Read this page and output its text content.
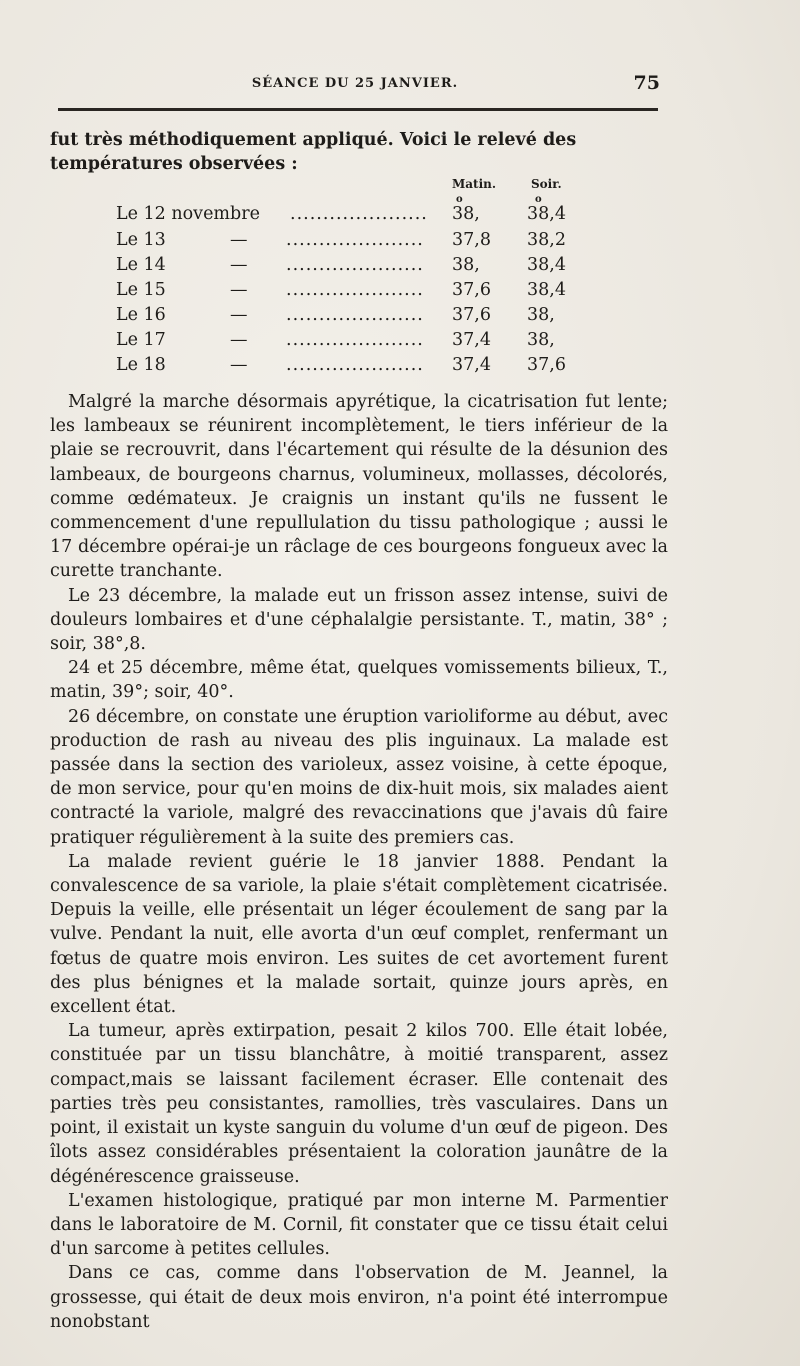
SÉANCE DU 25 JANVIER.	75
fut très méthodiquement appliqué. Voici le relevé des températures observées :
Matin.	Soir.
o	o
Le 12 novembre ..................... 38,	38,4
Le 13	— .....................	37,8 38,2
Le 14	— .....................	38,	38,4
Le 15	— .....................	37,6 38,4
Le 16	— .....................	37,6 38,
Le 17	— .....................	37,4 38,
Le 18	— .....................	37,4 37,6

Malgré la marche désormais apyrétique, la cicatrisation fut lente; les lambeaux se réunirent incomplètement, le tiers inférieur de la plaie se recrouvrit, dans l'écartement qui résulte de la désunion des lambeaux, de bourgeons charnus, volumineux, mollasses, décolorés, comme œdémateux. Je craignis un instant qu'ils ne fussent le commencement d'une repullulation du tissu pathologique ; aussi le 17 décembre opérai-je un râclage de ces bourgeons fongueux avec la curette tranchante.

Le 23 décembre, la malade eut un frisson assez intense, suivi de douleurs lombaires et d'une céphalalgie persistante. T., matin, 38° ; soir, 38°,8.

24 et 25 décembre, même état, quelques vomissements bilieux, T., matin, 39°; soir, 40°.

26 décembre, on constate une éruption varioliforme au début, avec production de rash au niveau des plis inguinaux. La malade est passée dans la section des varioleux, assez voisine, à cette époque, de mon service, pour qu'en moins de dix-huit mois, six malades aient contracté la variole, malgré des revaccinations que j'avais dû faire pratiquer régulièrement à la suite des premiers cas.

La malade revient guérie le 18 janvier 1888. Pendant la convalescence de sa variole, la plaie s'était complètement cicatrisée. Depuis la veille, elle présentait un léger écoulement de sang par la vulve. Pendant la nuit, elle avorta d'un œuf complet, renfermant un fœtus de quatre mois environ. Les suites de cet avortement furent des plus bénignes et la malade sortait, quinze jours après, en excellent état.

La tumeur, après extirpation, pesait 2 kilos 700. Elle était lobée, constituée par un tissu blanchâtre, à moitié transparent, assez compact,mais se laissant facilement écraser. Elle contenait des parties très peu consistantes, ramollies, très vasculaires. Dans un point, il existait un kyste sanguin du volume d'un œuf de pigeon. Des îlots assez considérables présentaient la coloration jaunâtre de la dégénérescence graisseuse.

L'examen histologique, pratiqué par mon interne M. Parmentier dans le laboratoire de M. Cornil, fit constater que ce tissu était celui d'un sarcome à petites cellules.

Dans ce cas, comme dans l'observation de M. Jeannel, la grossesse, qui était de deux mois environ, n'a point été interrompue nonobstant
